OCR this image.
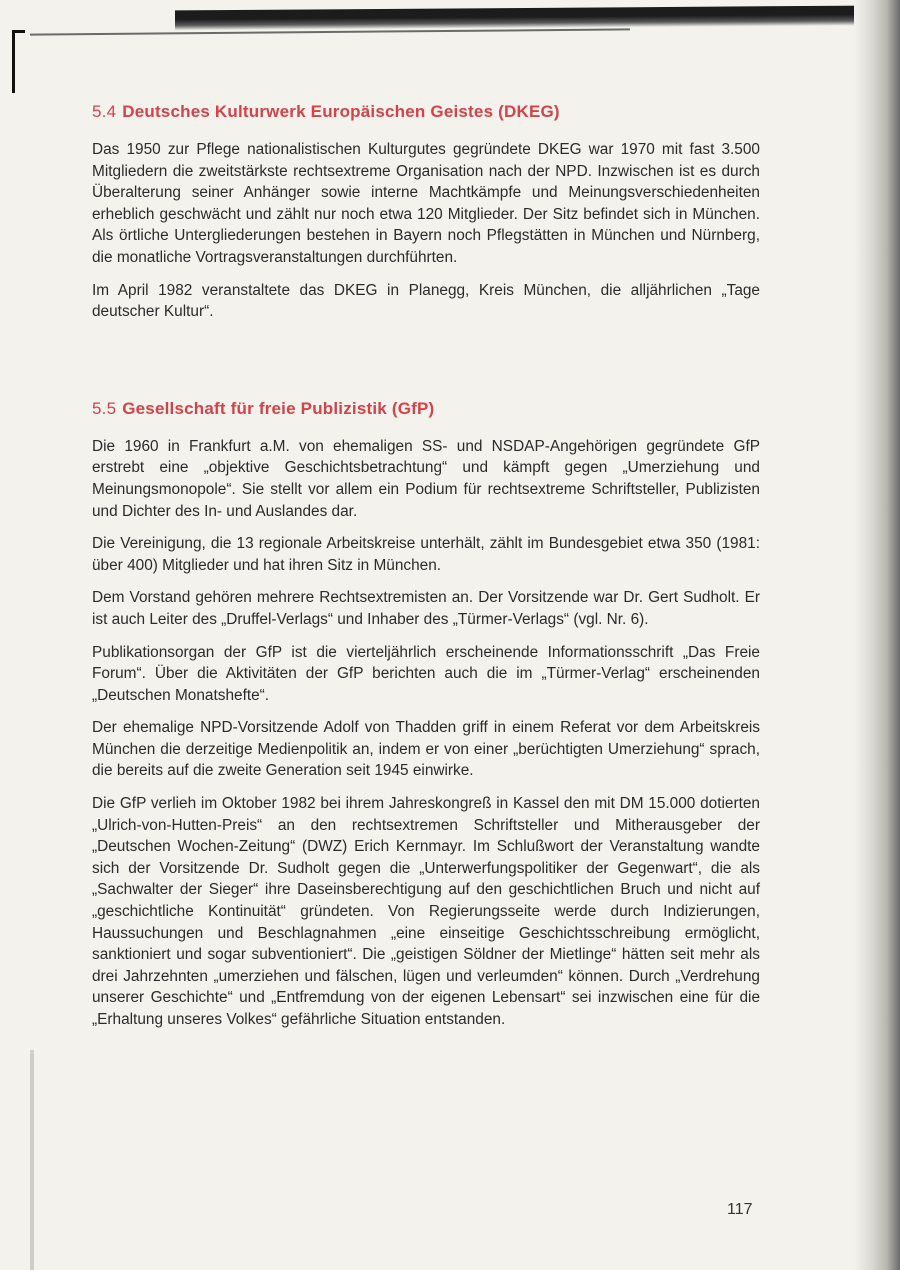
5.4 Deutsches Kulturwerk Europäischen Geistes (DKEG)

Das 1950 zur Pflege nationalistischen Kulturgutes gegründete DKEG war 1970 mit fast 3.500 Mitgliedern die zweitstärkste rechtsextreme Organisation nach der NPD. Inzwischen ist es durch Überalterung seiner Anhänger sowie interne Machtkämpfe und Meinungsverschiedenheiten erheblich geschwächt und zählt nur noch etwa 120 Mitglieder. Der Sitz befindet sich in München. Als örtliche Untergliederungen bestehen in Bayern noch Pflegstätten in München und Nürnberg, die monatliche Vortragsveranstaltungen durchführten.

Im April 1982 veranstaltete das DKEG in Planegg, Kreis München, die alljährlichen „Tage deutscher Kultur“.

5.5 Gesellschaft für freie Publizistik (GfP)

Die 1960 in Frankfurt a.M. von ehemaligen SS- und NSDAP-Angehörigen gegründete GfP erstrebt eine „objektive Geschichtsbetrachtung“ und kämpft gegen „Umerziehung und Meinungsmonopole“. Sie stellt vor allem ein Podium für rechtsextreme Schriftsteller, Publizisten und Dichter des In- und Auslandes dar.

Die Vereinigung, die 13 regionale Arbeitskreise unterhält, zählt im Bundesgebiet etwa 350 (1981: über 400) Mitglieder und hat ihren Sitz in München.

Dem Vorstand gehören mehrere Rechtsextremisten an. Der Vorsitzende war Dr. Gert Sudholt. Er ist auch Leiter des „Druffel-Verlags“ und Inhaber des „Türmer-Verlags“ (vgl. Nr. 6).

Publikationsorgan der GfP ist die vierteljährlich erscheinende Informationsschrift „Das Freie Forum“. Über die Aktivitäten der GfP berichten auch die im „Türmer-Verlag“ erscheinenden „Deutschen Monatshefte“.

Der ehemalige NPD-Vorsitzende Adolf von Thadden griff in einem Referat vor dem Arbeitskreis München die derzeitige Medienpolitik an, indem er von einer „berüchtigten Umerziehung“ sprach, die bereits auf die zweite Generation seit 1945 einwirke.

Die GfP verlieh im Oktober 1982 bei ihrem Jahreskongreß in Kassel den mit DM 15.000 dotierten „Ulrich-von-Hutten-Preis“ an den rechtsextremen Schriftsteller und Mitherausgeber der „Deutschen Wochen-Zeitung“ (DWZ) Erich Kernmayr. Im Schlußwort der Veranstaltung wandte sich der Vorsitzende Dr. Sudholt gegen die „Unterwerfungspolitiker der Gegenwart“, die als „Sachwalter der Sieger“ ihre Daseinsberechtigung auf den geschichtlichen Bruch und nicht auf „geschichtliche Kontinuität“ gründeten. Von Regierungsseite werde durch Indizierungen, Haussuchungen und Beschlagnahmen „eine einseitige Geschichtsschreibung ermöglicht, sanktioniert und sogar subventioniert“. Die „geistigen Söldner der Mietlinge“ hätten seit mehr als drei Jahrzehnten „umerziehen und fälschen, lügen und verleumden“ können. Durch „Verdrehung unserer Geschichte“ und „Entfremdung von der eigenen Lebensart“ sei inzwischen eine für die „Erhaltung unseres Volkes“ gefährliche Situation entstanden.

117
